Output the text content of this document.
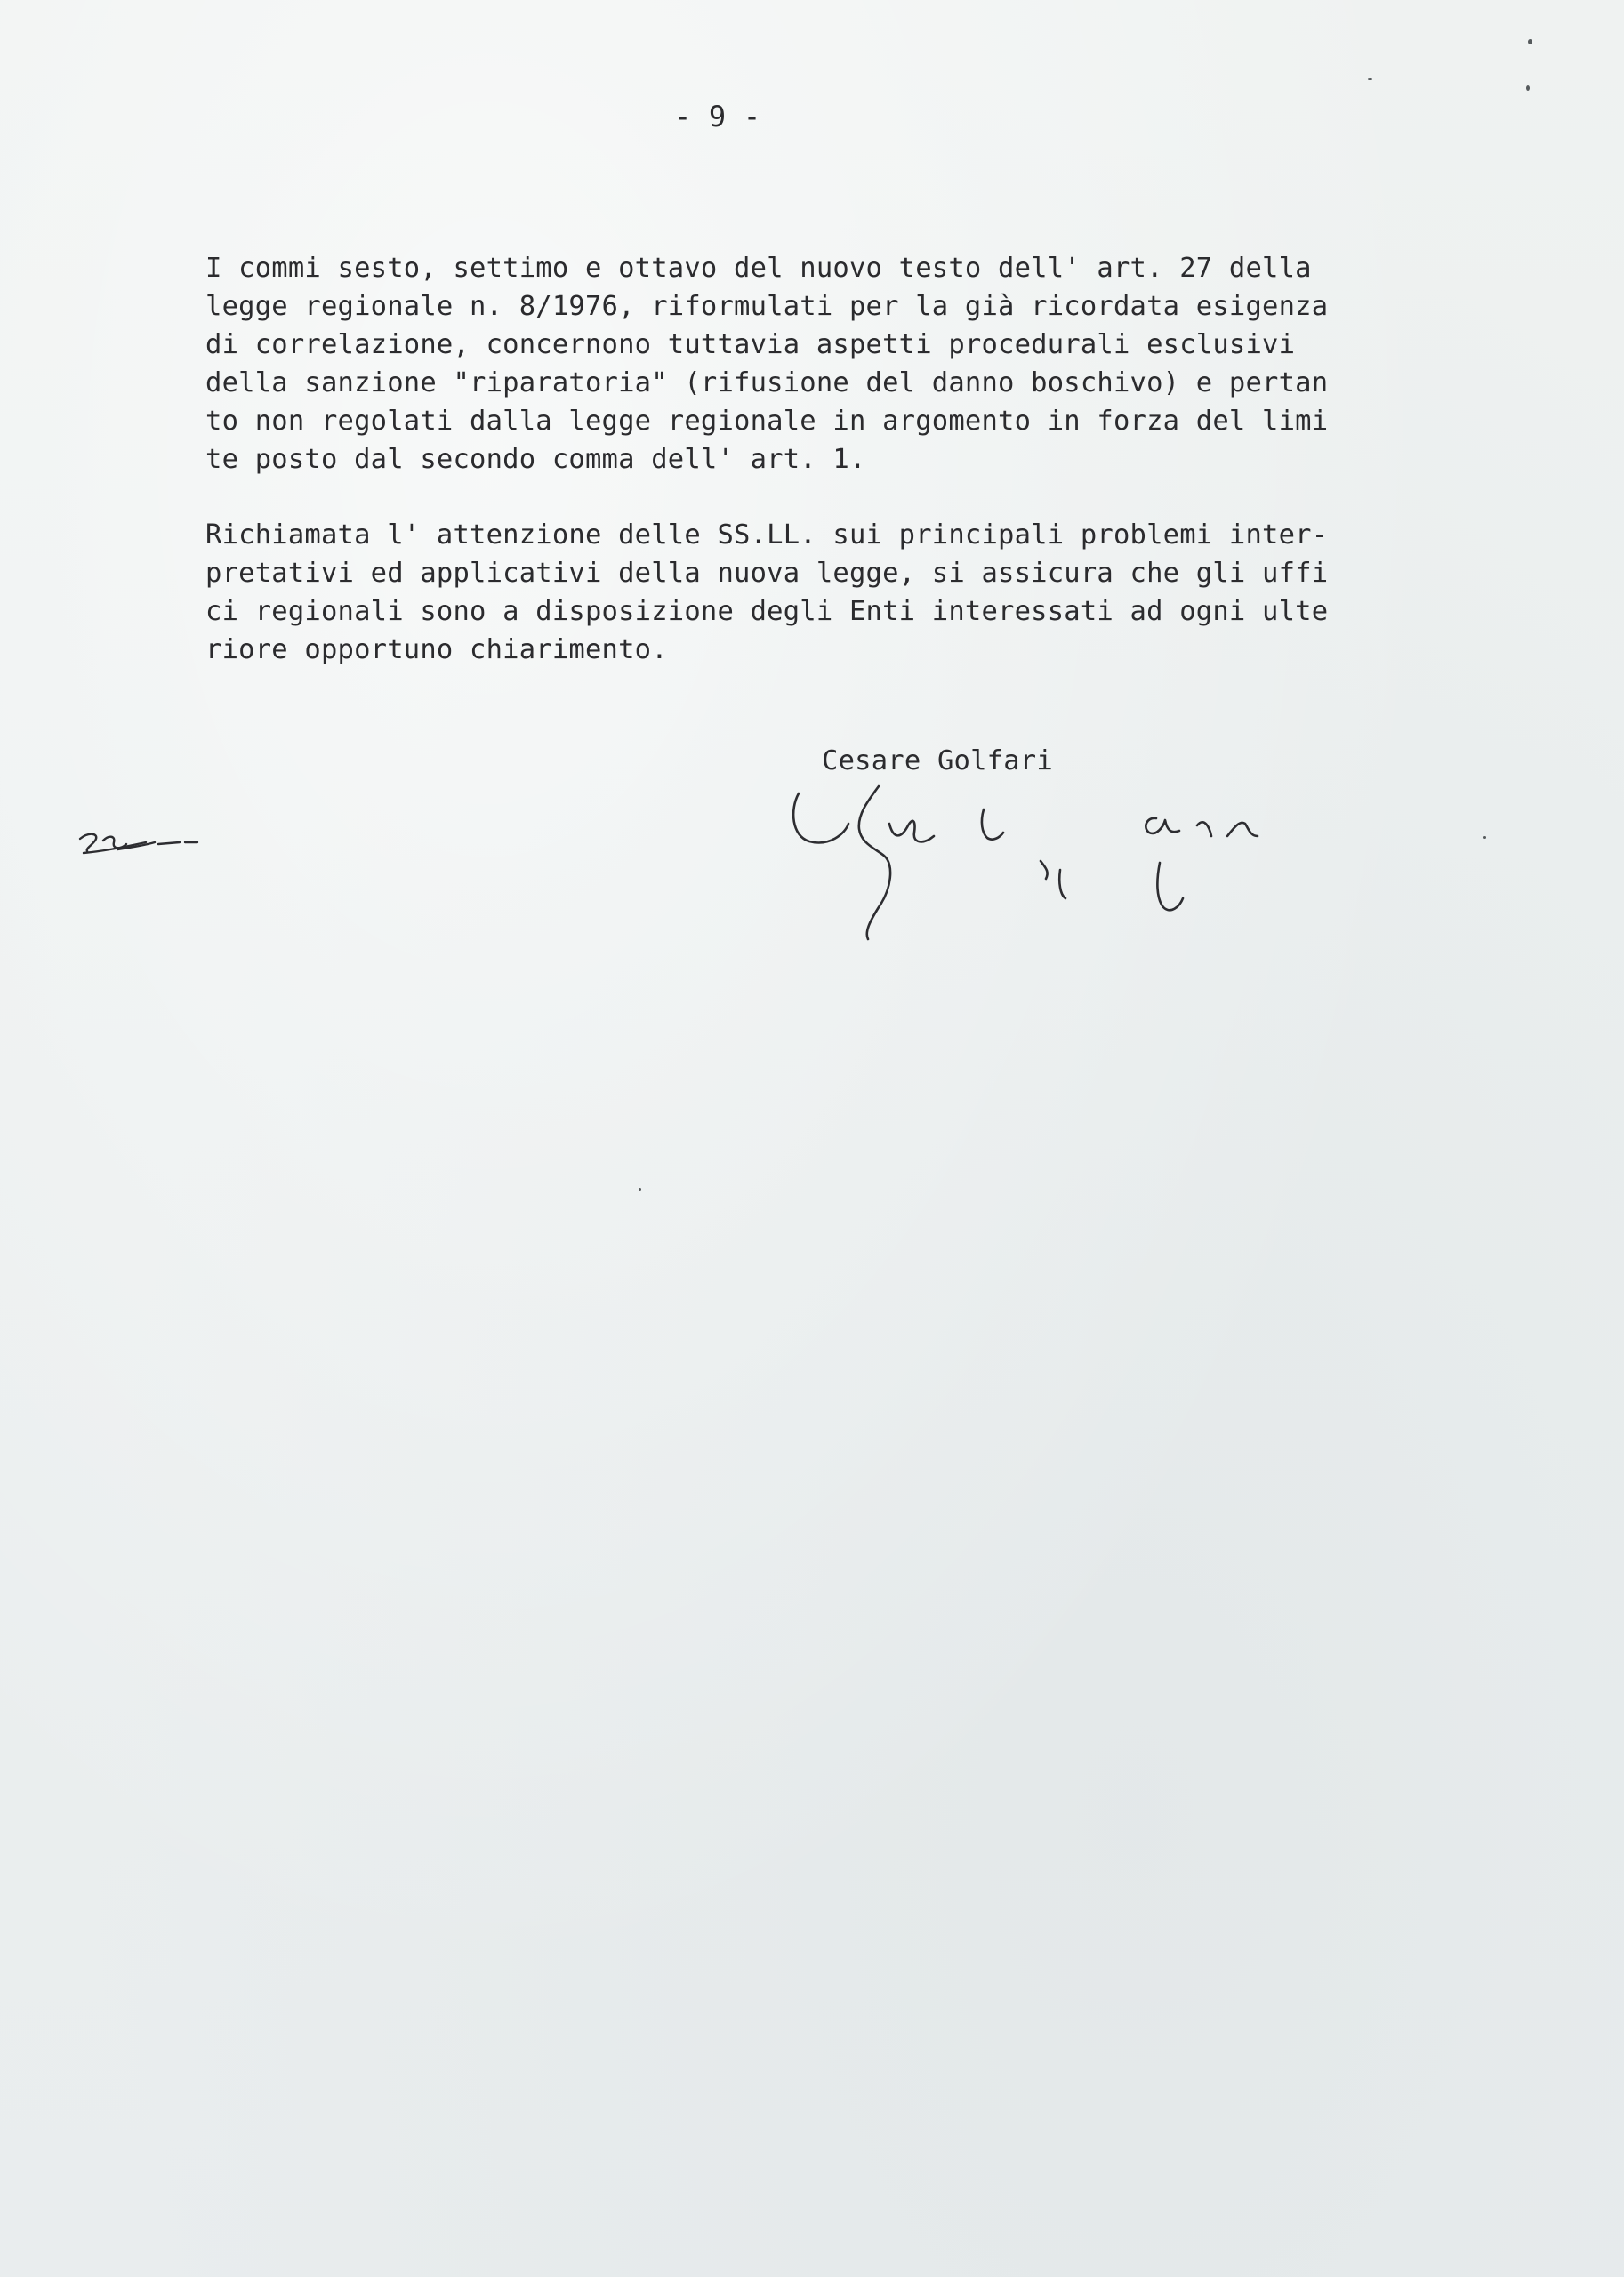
- 9 -
I commi sesto, settimo e ottavo del nuovo testo dell' art. 27 della
legge regionale n. 8/1976, riformulati per la già ricordata esigenza
di correlazione, concernono tuttavia aspetti procedurali esclusivi
della sanzione "riparatoria" (rifusione del danno boschivo) e pertan
to non regolati dalla legge regionale in argomento in forza del limi
te posto dal secondo comma dell' art. 1.
Richiamata l' attenzione delle SS.LL. sui principali problemi inter-
pretativi ed applicativi della nuova legge, si assicura che gli uffi
ci regionali sono a disposizione degli Enti interessati ad ogni ulte
riore opportuno chiarimento.
Cesare Golfari
